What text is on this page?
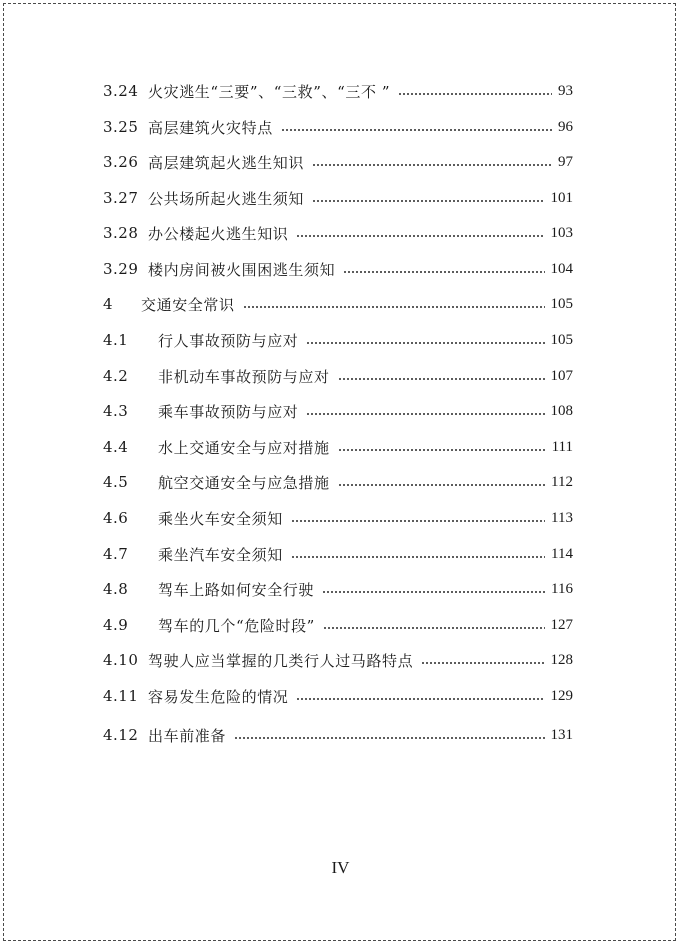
3.24 火灾逃生“三要”、“三救”、“三不 ”	93
3.25 高层建筑火灾特点	96
3.26 高层建筑起火逃生知识	97
3.27 公共场所起火逃生须知	101
3.28 办公楼起火逃生知识	103
3.29 楼内房间被火围困逃生须知	104
4	交通安全常识	105
4.1	行人事故预防与应对	105
4.2	非机动车事故预防与应对	107
4.3	乘车事故预防与应对	108
4.4	水上交通安全与应对措施	111
4.5	航空交通安全与应急措施	112
4.6	乘坐火车安全须知	113
4.7	乘坐汽车安全须知	114
4.8	驾车上路如何安全行驶	116
4.9	驾车的几个“危险时段”	127
4.10 驾驶人应当掌握的几类行人过马路特点	128
4.11 容易发生危险的情况	129
4.12 出车前准备	131
IV
